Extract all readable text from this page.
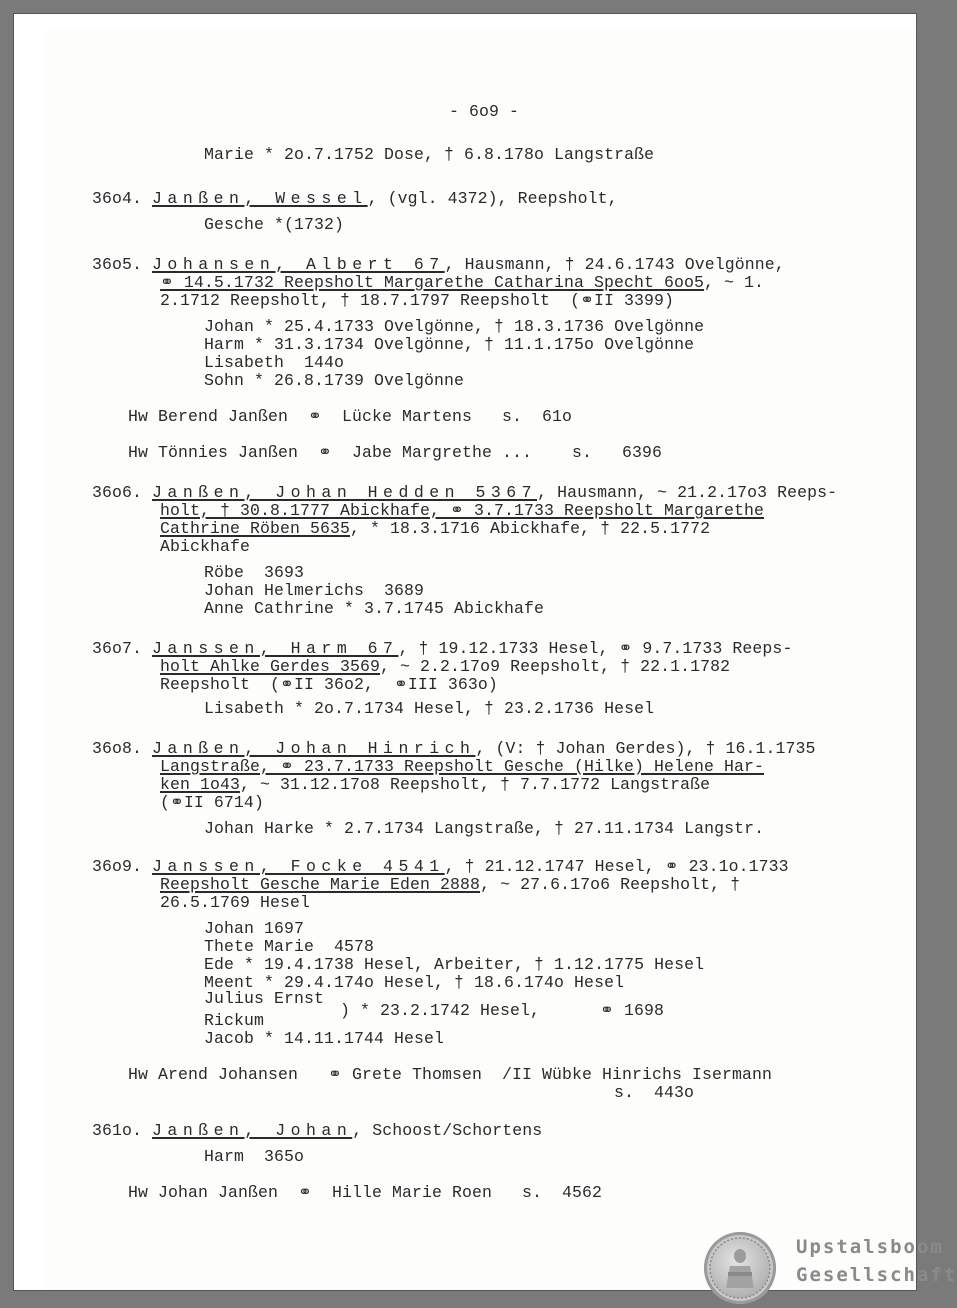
- 6o9 -
Marie * 2o.7.1752 Dose, † 6.8.178o Langstraße
36o4. Janßen, Wessel, (vgl. 4372), Reepsholt,
Gesche *(1732)
36o5. Johansen, Albert 67, Hausmann, † 24.6.1743 Ovelgönne,
⚭ 14.5.1732 Reepsholt Margarethe Catharina Specht 6oo5, ~ 1.
2.1712 Reepsholt, † 18.7.1797 Reepsholt  (⚭II 3399)
Johan * 25.4.1733 Ovelgönne, † 18.3.1736 Ovelgönne
Harm * 31.3.1734 Ovelgönne, † 11.1.175o Ovelgönne
Lisabeth  144o
Sohn * 26.8.1739 Ovelgönne
Hw Berend Janßen  ⚭  Lücke Martens   s.  61o
Hw Tönnies Janßen  ⚭  Jabe Margrethe ...    s.   6396
36o6. Janßen, Johan Hedden 5367, Hausmann, ~ 21.2.17o3 Reeps-
holt, † 30.8.1777 Abickhafe, ⚭ 3.7.1733 Reepsholt Margarethe
Cathrine Röben 5635, * 18.3.1716 Abickhafe, † 22.5.1772
Abickhafe
Röbe  3693
Johan Helmerichs  3689
Anne Cathrine * 3.7.1745 Abickhafe
36o7. Janssen, Harm 67, † 19.12.1733 Hesel, ⚭ 9.7.1733 Reeps-
holt Ahlke Gerdes 3569, ~ 2.2.17o9 Reepsholt, † 22.1.1782
Reepsholt  (⚭II 36o2,  ⚭III 363o)
Lisabeth * 2o.7.1734 Hesel, † 23.2.1736 Hesel
36o8. Janßen, Johan Hinrich, (V: † Johan Gerdes), † 16.1.1735
Langstraße, ⚭ 23.7.1733 Reepsholt Gesche (Hilke) Helene Har-
ken 1o43, ~ 31.12.17o8 Reepsholt, † 7.7.1772 Langstraße
(⚭II 6714)
Johan Harke * 2.7.1734 Langstraße, † 27.11.1734 Langstr.
36o9. Janssen, Focke 4541, † 21.12.1747 Hesel, ⚭ 23.1o.1733
Reepsholt Gesche Marie Eden 2888, ~ 27.6.17o6 Reepsholt, †
26.5.1769 Hesel
Johan 1697
Thete Marie  4578
Ede * 19.4.1738 Hesel, Arbeiter, † 1.12.1775 Hesel
Meent * 29.4.174o Hesel, † 18.6.174o Hesel
Julius Ernst
) * 23.2.1742 Hesel,      ⚭ 1698
Rickum
Jacob * 14.11.1744 Hesel
Hw Arend Johansen   ⚭ Grete Thomsen  /II Wübke Hinrichs Isermann
s.  443o
361o. Janßen, Johan, Schoost/Schortens
Harm  365o
Hw Johan Janßen  ⚭  Hille Marie Roen   s.  4562
Upstalsboom
Gesellschaft
